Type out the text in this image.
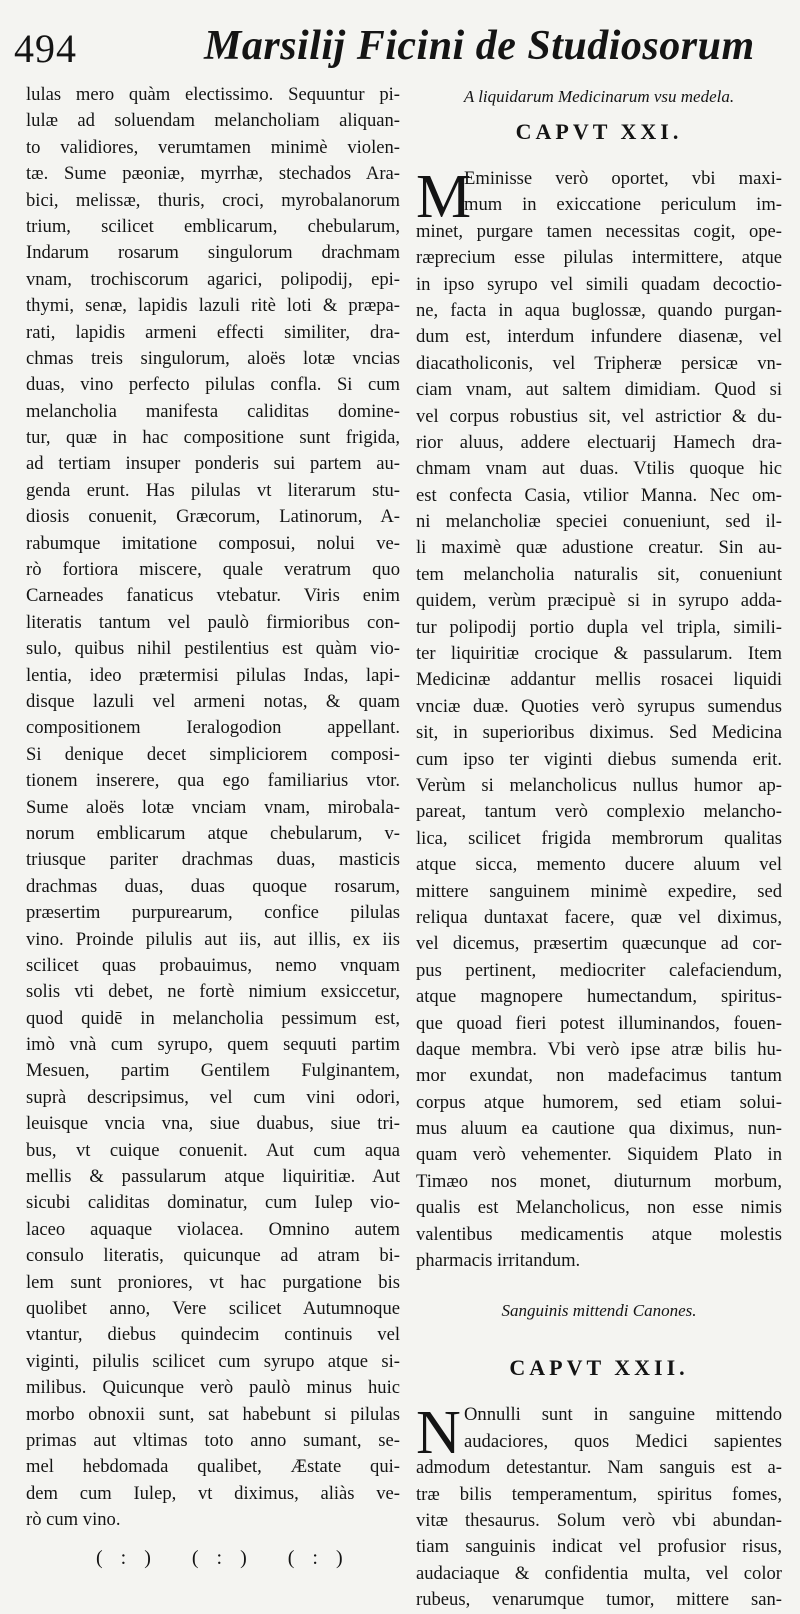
494	Marsilij Ficini de Studiosorum
lulas mero quàm electissimo. Sequuntur pi-
lulæ ad soluendam melancholiam aliquan-
to validiores, verumtamen minimè violen-
tæ. Sume pæoniæ, myrrhæ, stechados Ara-
bici, melissæ, thuris, croci, myrobalanorum
trium, scilicet emblicarum, chebularum,
Indarum rosarum singulorum drachmam
vnam, trochiscorum agarici, polipodij, epi-
thymi, senæ, lapidis lazuli ritè loti & præpa-
rati, lapidis armeni effecti similiter, dra-
chmas treis singulorum, aloës lotæ vncias
duas, vino perfecto pilulas confla. Si cum
melancholia manifesta caliditas domine-
tur, quæ in hac compositione sunt frigida,
ad tertiam insuper ponderis sui partem au-
genda erunt. Has pilulas vt literarum stu-
diosis conuenit, Græcorum, Latinorum, A-
rabumque imitatione composui, nolui ve-
rò fortiora miscere, quale veratrum quo
Carneades fanaticus vtebatur. Viris enim
literatis tantum vel paulò firmioribus con-
sulo, quibus nihil pestilentius est quàm vio-
lentia, ideo prætermisi pilulas Indas, lapi-
disque lazuli vel armeni notas, & quam
compositionem Ieralogodion appellant.
Si denique decet simpliciorem composi-
tionem inserere, qua ego familiarius vtor.
Sume aloës lotæ vnciam vnam, mirobala-
norum emblicarum atque chebularum, v-
triusque pariter drachmas duas, masticis
drachmas duas, duas quoque rosarum,
præsertim purpurearum, confice pilulas
vino. Proinde pilulis aut iis, aut illis, ex iis
scilicet quas probauimus, nemo vnquam
solis vti debet, ne fortè nimium exsiccetur,
quod quidē in melancholia pessimum est,
imò vnà cum syrupo, quem sequuti partim
Mesuen, partim Gentilem Fulginantem,
suprà descripsimus, vel cum vini odori,
leuisque vncia vna, siue duabus, siue tri-
bus, vt cuique conuenit. Aut cum aqua
mellis & passularum atque liquiritiæ. Aut
sicubi caliditas dominatur, cum Iulep vio-
laceo aquaque violacea. Omnino autem
consulo literatis, quicunque ad atram bi-
lem sunt proniores, vt hac purgatione bis
quolibet anno, Vere scilicet Autumnoque
vtantur, diebus quindecim continuis vel
viginti, pilulis scilicet cum syrupo atque si-
milibus. Quicunque verò paulò minus huic
morbo obnoxii sunt, sat habebunt si pilulas
primas aut vltimas toto anno sumant, se-
mel hebdomada qualibet, Æstate qui-
dem cum Iulep, vt diximus, aliàs ve-
rò cum vino.
(:) (:) (:)
A liquidarum Medicinarum vsu medela.
CAPVT XXI.
M
Eminisse verò oportet, vbi maxi-
mum in exiccatione periculum im-
minet, purgare tamen necessitas cogit, ope-
ræprecium esse pilulas intermittere, atque
in ipso syrupo vel simili quadam decoctio-
ne, facta in aqua buglossæ, quando purgan-
dum est, interdum infundere diasenæ, vel
diacatholiconis, vel Tripheræ persicæ vn-
ciam vnam, aut saltem dimidiam. Quod si
vel corpus robustius sit, vel astrictior & du-
rior aluus, addere electuarij Hamech dra-
chmam vnam aut duas. Vtilis quoque hic
est confecta Casia, vtilior Manna. Nec om-
ni melancholiæ speciei conueniunt, sed il-
li maximè quæ adustione creatur. Sin au-
tem melancholia naturalis sit, conueniunt
quidem, verùm præcipuè si in syrupo adda-
tur polipodij portio dupla vel tripla, simili-
ter liquiritiæ crocique & passularum. Item
Medicinæ addantur mellis rosacei liquidi
vnciæ duæ. Quoties verò syrupus sumendus
sit, in superioribus diximus. Sed Medicina
cum ipso ter viginti diebus sumenda erit.
Verùm si melancholicus nullus humor ap-
pareat, tantum verò complexio melancho-
lica, scilicet frigida membrorum qualitas
atque sicca, memento ducere aluum vel
mittere sanguinem minimè expedire, sed
reliqua duntaxat facere, quæ vel diximus,
vel dicemus, præsertim quæcunque ad cor-
pus pertinent, mediocriter calefaciendum,
atque magnopere humectandum, spiritus-
que quoad fieri potest illuminandos, fouen-
daque membra. Vbi verò ipse atræ bilis hu-
mor exundat, non madefacimus tantum
corpus atque humorem, sed etiam solui-
mus aluum ea cautione qua diximus, nun-
quam verò vehementer. Siquidem Plato in
Timæo nos monet, diuturnum morbum,
qualis est Melancholicus, non esse nimis
valentibus medicamentis atque molestis
pharmacis irritandum.
Sanguinis mittendi Canones.
CAPVT XXII.
N Onnulli sunt in sanguine mittendo
audaciores, quos Medici sapientes
admodum detestantur. Nam sanguis est a-
træ bilis temperamentum, spiritus fomes,
vitæ thesaurus. Solum verò vbi abundan-
tiam sanguinis indicat vel profusior risus,
audaciaque & confidentia multa, vel color
rubeus, venarumque tumor, mittere san-
